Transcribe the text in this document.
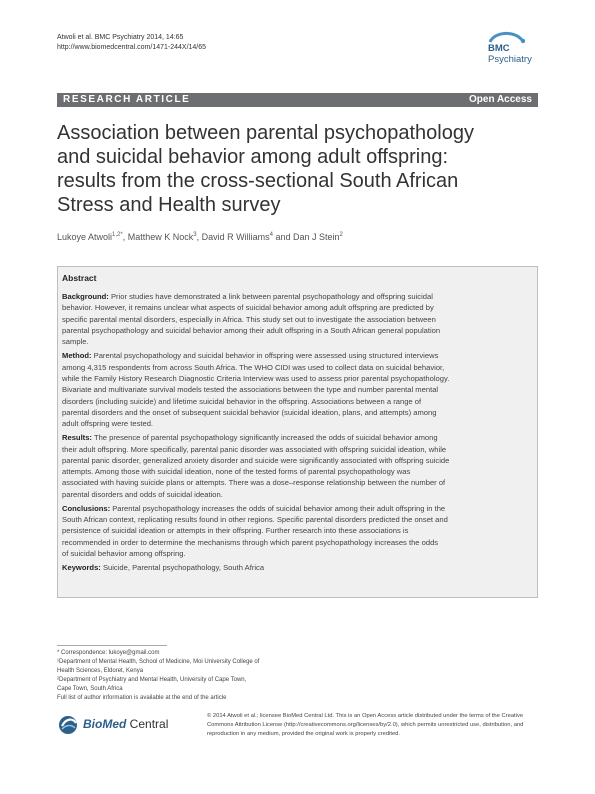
Atwoli et al. BMC Psychiatry 2014, 14:65
http://www.biomedcentral.com/1471-244X/14/65	BMC
Psychiatry
RESEARCH ARTICLE	Open Access
Association between parental psychopathology
and suicidal behavior among adult offspring:
results from the cross-sectional South African
Stress and Health survey
Lukoye Atwoli$^{1,2*}$, Matthew K Nock$^3$, David R Williams$^4$ and Dan J Stein$^2$
Abstract
Background: Prior studies have demonstrated a link between parental psychopathology and offspring suicidal
behavior. However, it remains unclear what aspects of suicidal behavior among adult offspring are predicted by
specific parental mental disorders, especially in Africa. This study set out to investigate the association between
parental psychopathology and suicidal behavior among their adult offspring in a South African general population
sample.
Method: Parental psychopathology and suicidal behavior in offspring were assessed using structured interviews
among 4,315 respondents from across South Africa. The WHO CIDI was used to collect data on suicidal behavior,
while the Family History Research Diagnostic Criteria Interview was used to assess prior parental psychopathology.
Bivariate and multivariate survival models tested the associations between the type and number parental mental
disorders (including suicide) and lifetime suicidal behavior in the offspring. Associations between a range of
parental disorders and the onset of subsequent suicidal behavior (suicidal ideation, plans, and attempts) among
adult offspring were tested.
Results: The presence of parental psychopathology significantly increased the odds of suicidal behavior among
their adult offspring. More specifically, parental panic disorder was associated with offspring suicidal ideation, while
parental panic disorder, generalized anxiety disorder and suicide were significantly associated with offspring suicide
attempts. Among those with suicidal ideation, none of the tested forms of parental psychopathology was
associated with having suicide plans or attempts. There was a dose–response relationship between the number of
parental disorders and odds of suicidal ideation.
Conclusions: Parental psychopathology increases the odds of suicidal behavior among their adult offspring in the
South African context, replicating results found in other regions. Specific parental disorders predicted the onset and
persistence of suicidal ideation or attempts in their offspring. Further research into these associations is
recommended in order to determine the mechanisms through which parent psychopathology increases the odds
of suicidal behavior among offspring.
Keywords: Suicide, Parental psychopathology, South Africa
* Correspondence: lukoye@gmail.com
¹Department of Mental Health, School of Medicine, Moi University College of
Health Sciences, Eldoret, Kenya
²Department of Psychiatry and Mental Health, University of Cape Town,
Cape Town, South Africa
Full list of author information is available at the end of the article
BioMed Central
© 2014 Atwoli et al.; licensee BioMed Central Ltd. This is an Open Access article distributed under the terms of the Creative
Commons Attribution License (http://creativecommons.org/licenses/by/2.0), which permits unrestricted use, distribution, and
reproduction in any medium, provided the original work is properly credited.
